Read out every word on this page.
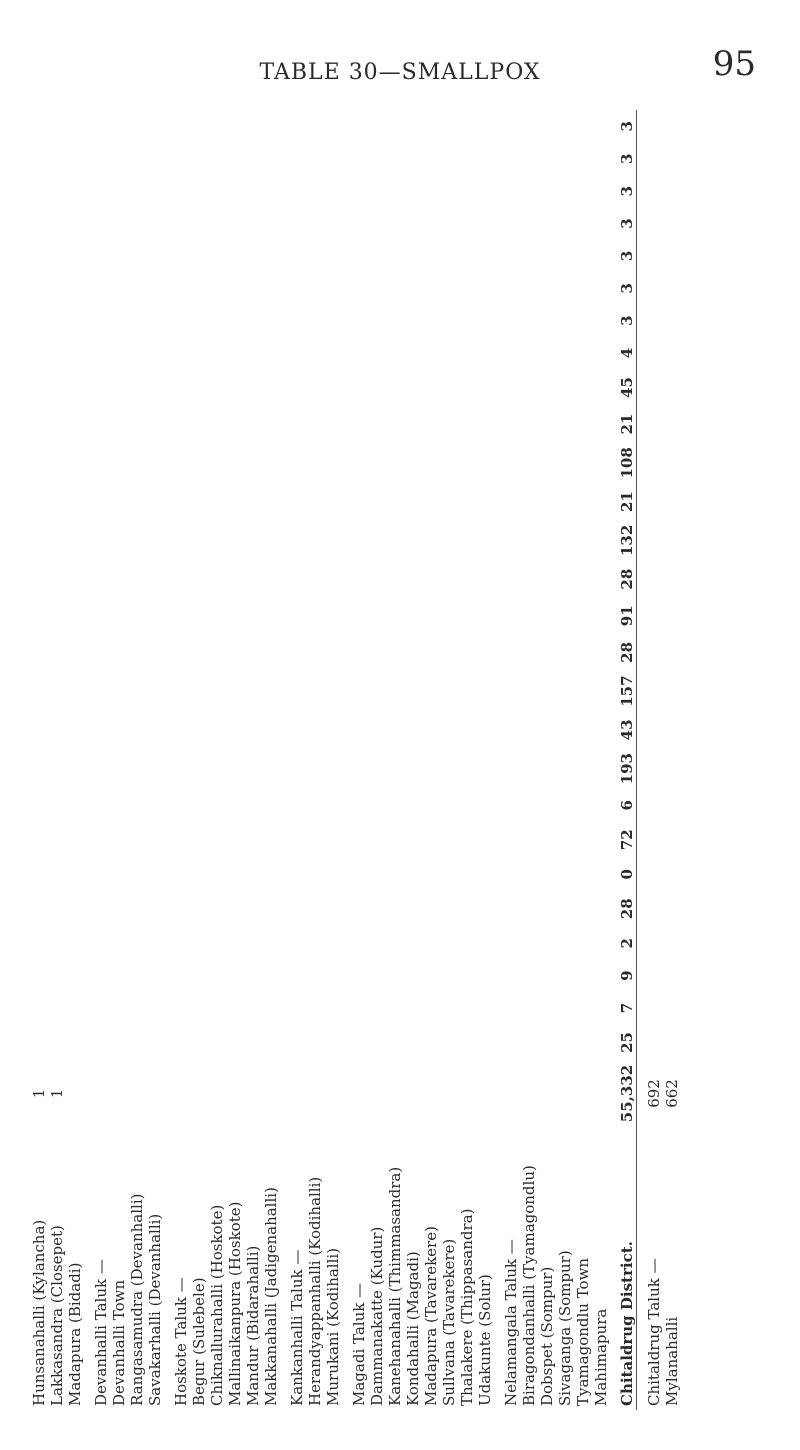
TABLE 30—SMALLPOX	95
Hunsanahalli (Kylancha)	1																											
Lakkasandra (Closepet)	1																											
Madapura (Bidadi)																												

Devanhalli Taluk —																												
Devanhalli Town																												
Rangasamudra (Devanhalli)																												
Savakarhalli (Devanhalli)																												

Hoskote Taluk —																												
Begur (Sulebele)																												
Chiknallurahalli (Hoskote)																												
Mallinaikanpura (Hoskote)																												
Mandur (Bidarahalli)																												
Makkanahalli (Jadigenahalli)																												

Kankanhalli Taluk —																												
Herandyappanhalli (Kodihalli)																												
Murukani (Kodihalli)																												

Magadi Taluk —																												
Dammanakatte (Kudur)																												
Kanehanahalli (Thimmasandra)																												
Kondahalli (Magadi)																												
Madapura (Tavarekere)																												
Sullvana (Tavarekere)																												
Thalakere (Thippasandra)																												
Udakunte (Solur)																												

Nelamangala Taluk —																												
Biragondanhalli (Tyamagondlu)																												
Dobspet (Sompur)																												
Sivaganga (Sompur)																												
Tyamagondlu Town																												
Mahimapura																												

Chitaldrug District.	55,332	25	7	9	2	28	0	72	6	193	43	157	28	91	28	132	21	108	21	45	4	3	3	3	3	3	3	3

Chitaldrug Taluk —	692																											
Mylanahalli	662																											
